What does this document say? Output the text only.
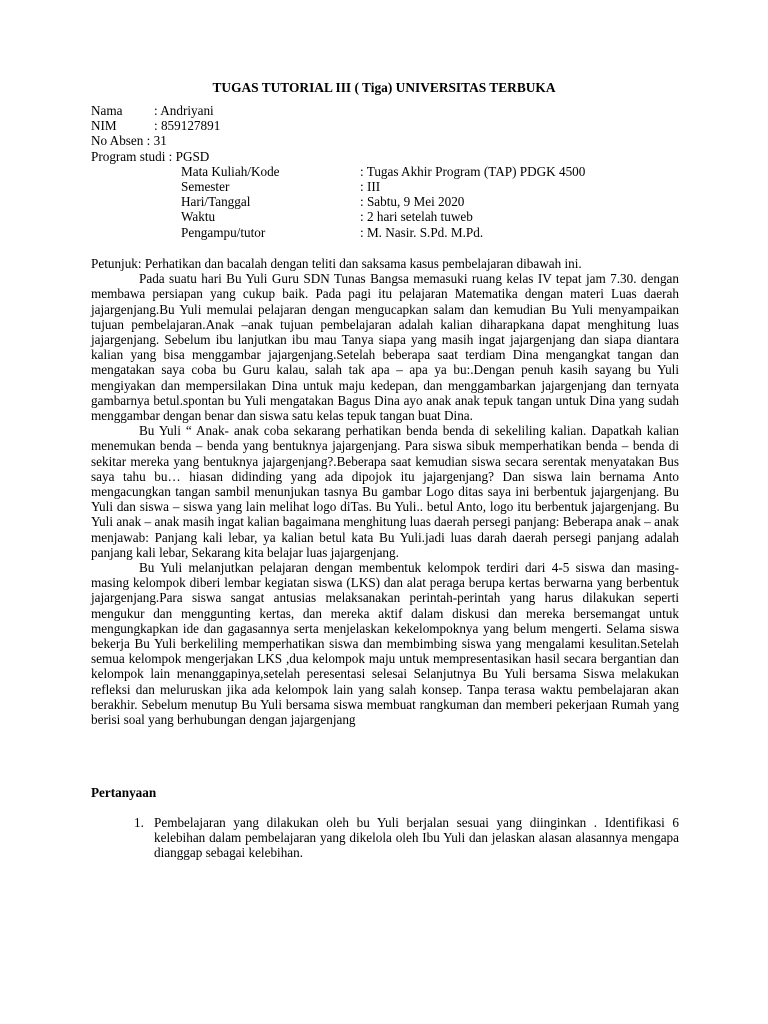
TUGAS TUTORIAL III ( Tiga) UNIVERSITAS TERBUKA
Nama : Andriyani
NIM	: 859127891
No Absen : 31
Program studi : PGSD
Mata Kuliah/Kode	: Tugas Akhir Program (TAP) PDGK 4500
Semester	: III
Hari/Tanggal	: Sabtu, 9 Mei 2020
Waktu	: 2 hari setelah tuweb
Pengampu/tutor	: M. Nasir. S.Pd. M.Pd.

Petunjuk: Perhatikan dan bacalah dengan teliti dan saksama kasus pembelajaran dibawah ini.

Pada suatu hari Bu Yuli Guru SDN Tunas Bangsa memasuki ruang kelas IV tepat jam 7.30. dengan membawa persiapan yang cukup baik. Pada pagi itu pelajaran Matematika dengan materi Luas daerah jajargenjang.Bu Yuli memulai pelajaran dengan mengucapkan salam dan kemudian Bu Yuli menyampaikan tujuan pembelajaran.Anak –anak tujuan pembelajaran adalah kalian diharapkana dapat menghitung luas jajargenjang. Sebelum ibu lanjutkan ibu mau Tanya siapa yang masih ingat jajargenjang dan siapa diantara kalian yang bisa menggambar jajargenjang.Setelah beberapa saat terdiam Dina mengangkat tangan dan mengatakan saya coba bu Guru kalau, salah tak apa – apa ya bu:.Dengan penuh kasih sayang bu Yuli mengiyakan dan mempersilakan Dina untuk maju kedepan, dan menggambarkan jajargenjang dan ternyata gambarnya betul.spontan bu Yuli mengatakan Bagus Dina ayo anak anak tepuk tangan untuk Dina yang sudah menggambar dengan benar dan siswa satu kelas tepuk tangan buat Dina.

Bu Yuli “ Anak- anak coba sekarang perhatikan benda benda di sekeliling kalian. Dapatkah kalian menemukan benda – benda yang bentuknya jajargenjang. Para siswa sibuk memperhatikan benda – benda di sekitar mereka yang bentuknya jajargenjang?.Beberapa saat kemudian siswa secara serentak menyatakan Bus saya tahu bu… hiasan didinding yang ada dipojok itu jajargenjang? Dan siswa lain bernama Anto mengacungkan tangan sambil menunjukan tasnya Bu gambar Logo ditas saya ini berbentuk jajargenjang. Bu Yuli dan siswa – siswa yang lain melihat logo diTas. Bu Yuli.. betul Anto, logo itu berbentuk jajargenjang. Bu Yuli anak – anak masih ingat kalian bagaimana menghitung luas daerah persegi panjang: Beberapa anak – anak menjawab: Panjang kali lebar, ya kalian betul kata Bu Yuli.jadi luas darah daerah persegi panjang adalah panjang kali lebar, Sekarang kita belajar luas jajargenjang.

Bu Yuli melanjutkan pelajaran dengan membentuk kelompok terdiri dari 4-5 siswa dan masing- masing kelompok diberi lembar kegiatan siswa (LKS) dan alat peraga berupa kertas berwarna yang berbentuk jajargenjang.Para siswa sangat antusias melaksanakan perintah-perintah yang harus dilakukan seperti mengukur dan menggunting kertas, dan mereka aktif dalam diskusi dan mereka bersemangat untuk mengungkapkan ide dan gagasannya serta menjelaskan kekelompoknya yang belum mengerti. Selama siswa bekerja Bu Yuli berkeliling memperhatikan siswa dan membimbing siswa yang mengalami kesulitan.Setelah semua kelompok mengerjakan LKS ,dua kelompok maju untuk mempresentasikan hasil secara bergantian dan kelompok lain menanggapinya,setelah peresentasi selesai Selanjutnya Bu Yuli bersama Siswa melakukan refleksi dan meluruskan jika ada kelompok lain yang salah konsep. Tanpa terasa waktu pembelajaran akan berakhir. Sebelum menutup Bu Yuli bersama siswa membuat rangkuman dan memberi pekerjaan Rumah yang berisi soal yang berhubungan dengan jajargenjang

Pertanyaan
1. Pembelajaran yang dilakukan oleh bu Yuli berjalan sesuai yang diinginkan . Identifikasi 6 kelebihan dalam pembelajaran yang dikelola oleh Ibu Yuli dan jelaskan alasan alasannya mengapa dianggap sebagai kelebihan.
